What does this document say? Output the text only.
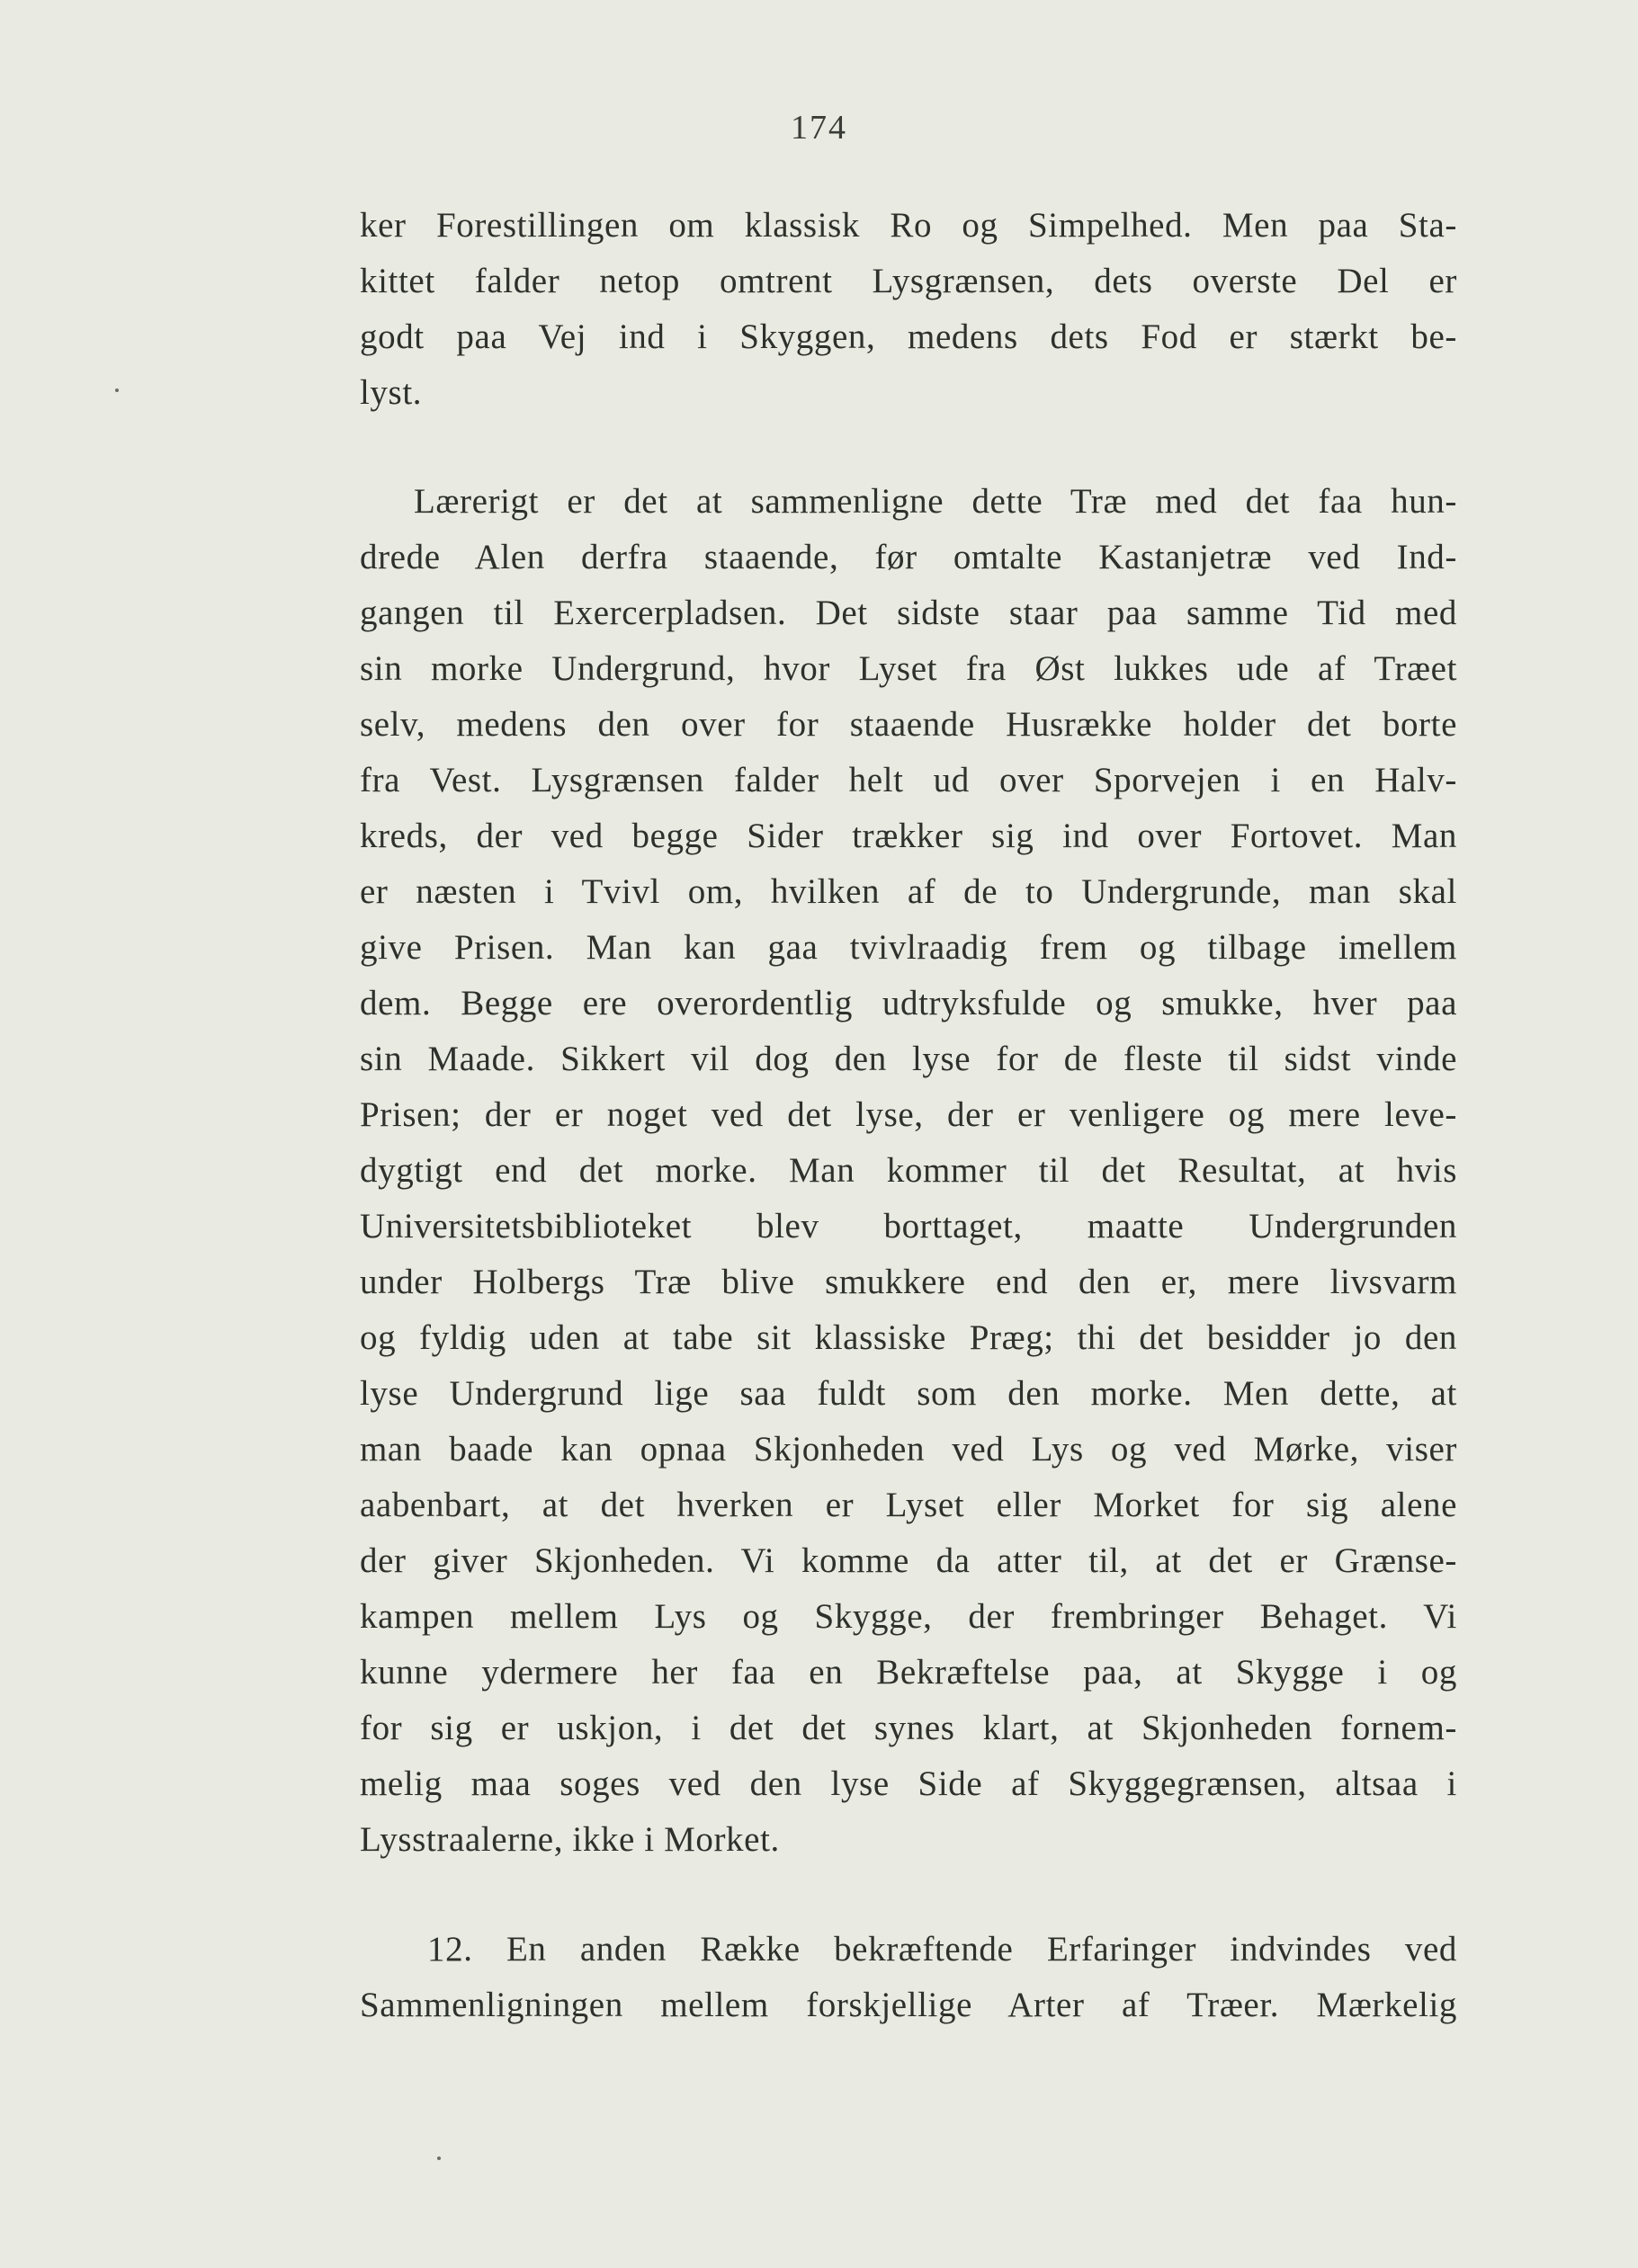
174
ker Forestillingen om klassisk Ro og Simpelhed. Men paa Sta-
kittet falder netop omtrent Lysgrænsen, dets overste Del er
godt paa Vej ind i Skyggen, medens dets Fod er stærkt be-
lyst.
Lærerigt er det at sammenligne dette Træ med det faa hun-
drede Alen derfra staaende, før omtalte Kastanjetræ ved Ind-
gangen til Exercerpladsen. Det sidste staar paa samme Tid med
sin morke Undergrund, hvor Lyset fra Øst lukkes ude af Træet
selv, medens den over for staaende Husrække holder det borte
fra Vest. Lysgrænsen falder helt ud over Sporvejen i en Halv-
kreds, der ved begge Sider trækker sig ind over Fortovet. Man
er næsten i Tvivl om, hvilken af de to Undergrunde, man skal
give Prisen. Man kan gaa tvivlraadig frem og tilbage imellem
dem. Begge ere overordentlig udtryksfulde og smukke, hver paa
sin Maade. Sikkert vil dog den lyse for de fleste til sidst vinde
Prisen; der er noget ved det lyse, der er venligere og mere leve-
dygtigt end det morke. Man kommer til det Resultat, at hvis
Universitetsbiblioteket blev borttaget, maatte Undergrunden
under Holbergs Træ blive smukkere end den er, mere livsvarm
og fyldig uden at tabe sit klassiske Præg; thi det besidder jo den
lyse Undergrund lige saa fuldt som den morke. Men dette, at
man baade kan opnaa Skjonheden ved Lys og ved Mørke, viser
aabenbart, at det hverken er Lyset eller Morket for sig alene
der giver Skjonheden. Vi komme da atter til, at det er Grænse-
kampen mellem Lys og Skygge, der frembringer Behaget. Vi
kunne ydermere her faa en Bekræftelse paa, at Skygge i og
for sig er uskjon, i det det synes klart, at Skjonheden fornem-
melig maa soges ved den lyse Side af Skyggegrænsen, altsaa i
Lysstraalerne, ikke i Morket.
12. En anden Række bekræftende Erfaringer indvindes ved
Sammenligningen mellem forskjellige Arter af Træer. Mærkelig
